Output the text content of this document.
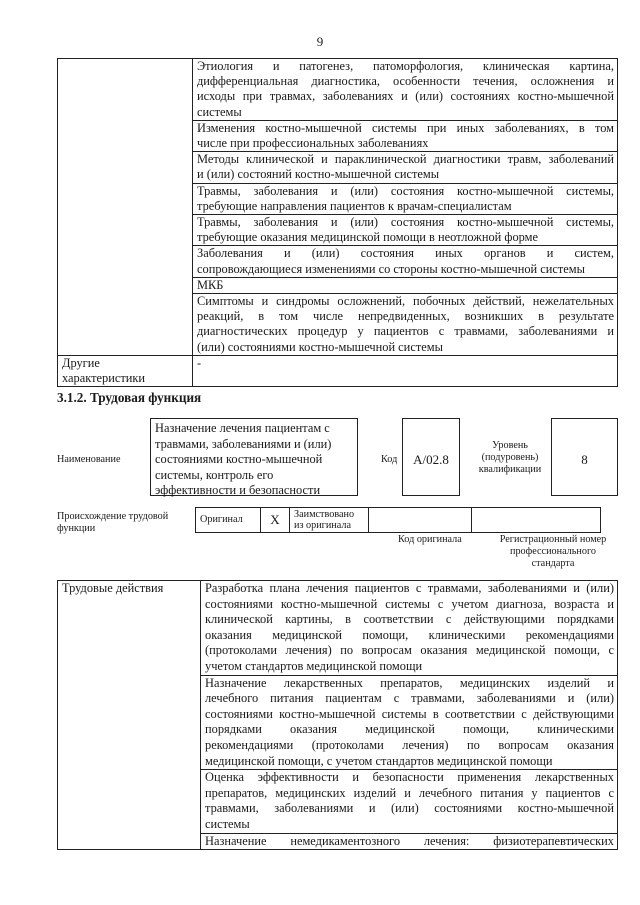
9

	Этиология и патогенез, патоморфология, клиническая картина,
дифференциальная диагностика, особенности течения, осложнения и
исходы при травмах, заболеваниях и (или) состояниях костно-мышечной
системы

	Изменения костно-мышечной системы при иных заболеваниях, в том
числе при профессиональных заболеваниях

	Методы клинической и параклинической диагностики травм, заболеваний
и (или) состояний костно-мышечной системы

	Травмы, заболевания и (или) состояния костно-мышечной системы,
требующие направления пациентов к врачам-специалистам

	Травмы, заболевания и (или) состояния костно-мышечной системы,
требующие оказания медицинской помощи в неотложной форме

	Заболевания и (или) состояния иных органов и систем,
сопровождающиеся изменениями со стороны костно-мышечной системы

	МКБ

	Симптомы и синдромы осложнений, побочных действий, нежелательных
реакций, в том числе непредвиденных, возникших в результате
диагностических процедур у пациентов с травмами, заболеваниями и
(или) состояниями костно-мышечной системы

Другие
характеристики	-
3.1.2. Трудовая функция
Наименование
Назначение лечения пациентам с
травмами, заболеваниями и (или)
состояниями костно-мышечной
системы, контроль его
эффективности и безопасности
Код	A/02.8
Уровень
(подуровень)
квалификации
8
Происхождение трудовой
функции
Оригинал	X	Заимствовано
из оригинала

Код оригинала	Регистрационный номер
профессионального
стандарта
Трудовые действия	Разработка плана лечения пациентов с травмами, заболеваниями и (или)
состояниями костно-мышечной системы с учетом диагноза, возраста и
клинической картины, в соответствии с действующими порядками
оказания медицинской помощи, клиническими рекомендациями
(протоколами лечения) по вопросам оказания медицинской помощи, с
учетом стандартов медицинской помощи

Назначение лекарственных препаратов, медицинских изделий и
лечебного питания пациентам с травмами, заболеваниями и (или)
состояниями костно-мышечной системы в соответствии с действующими
порядками оказания медицинской помощи, клиническими
рекомендациями (протоколами лечения) по вопросам оказания
медицинской помощи, с учетом стандартов медицинской помощи

Оценка эффективности и безопасности применения лекарственных
препаратов, медицинских изделий и лечебного питания у пациентов с
травмами, заболеваниями и (или) состояниями костно-мышечной
системы

Назначение немедикаментозного лечения: физиотерапевтических
